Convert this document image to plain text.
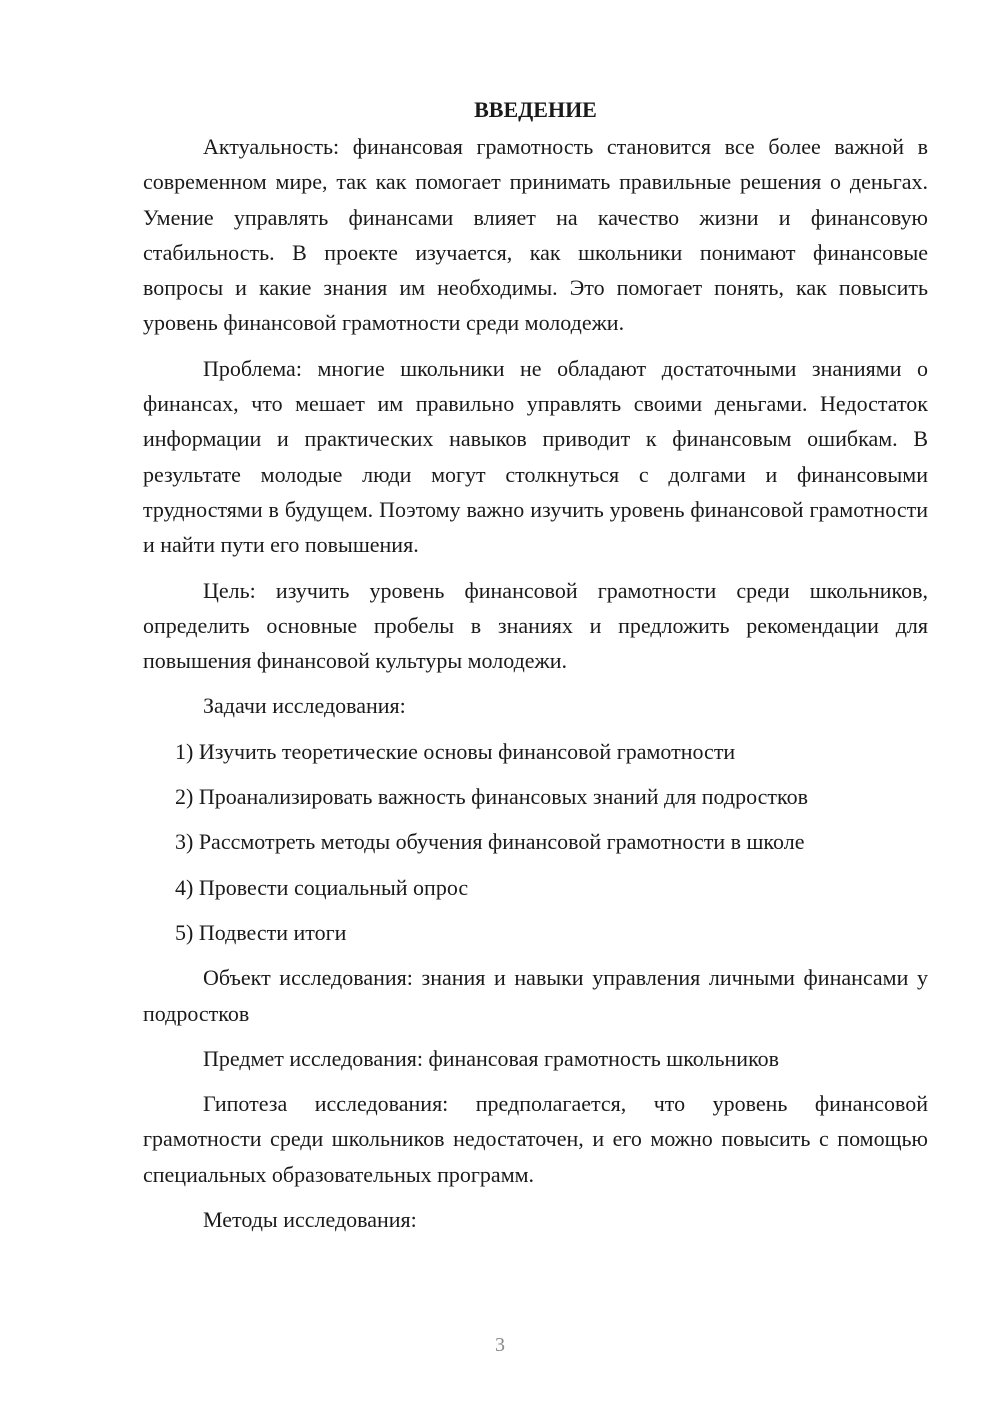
ВВЕДЕНИЕ

Актуальность: финансовая грамотность становится все более важной в современном мире, так как помогает принимать правильные решения о деньгах. Умение управлять финансами влияет на качество жизни и финансовую стабильность. В проекте изучается, как школьники понимают финансовые вопросы и какие знания им необходимы. Это помогает понять, как повысить уровень финансовой грамотности среди молодежи.

Проблема: многие школьники не обладают достаточными знаниями о финансах, что мешает им правильно управлять своими деньгами. Недостаток информации и практических навыков приводит к финансовым ошибкам. В результате молодые люди могут столкнуться с долгами и финансовыми трудностями в будущем. Поэтому важно изучить уровень финансовой грамотности и найти пути его повышения.

Цель: изучить уровень финансовой грамотности среди школьников, определить основные пробелы в знаниях и предложить рекомендации для повышения финансовой культуры молодежи.

Задачи исследования:

1) Изучить теоретические основы финансовой грамотности
2) Проанализировать важность финансовых знаний для подростков
3) Рассмотреть методы обучения финансовой грамотности в школе
4) Провести социальный опрос
5) Подвести итоги

Объект исследования: знания и навыки управления личными финансами у подростков

Предмет исследования: финансовая грамотность школьников

Гипотеза исследования: предполагается, что уровень финансовой грамотности среди школьников недостаточен, и его можно повысить с помощью специальных образовательных программ.

Методы исследования:

3
